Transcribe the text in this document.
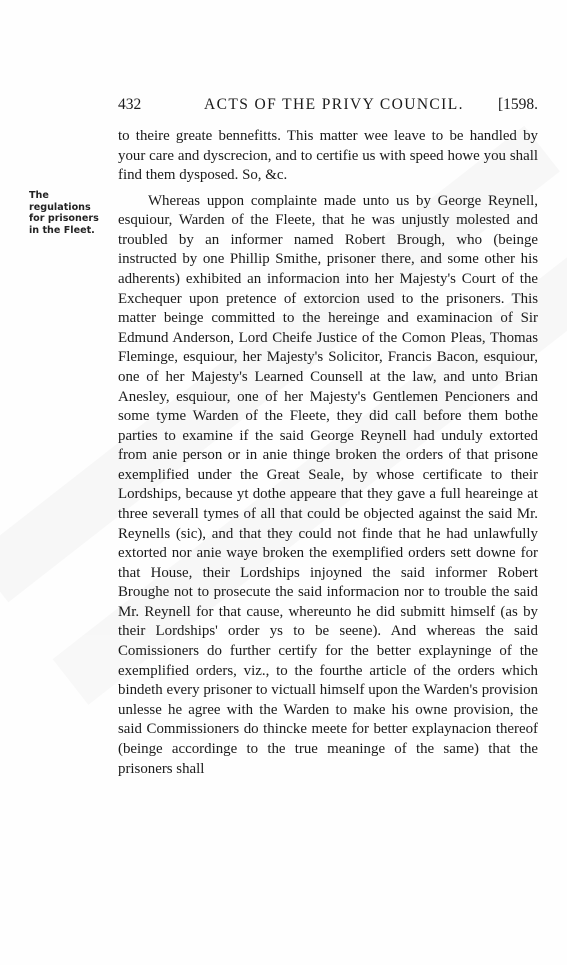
432	ACTS OF THE PRIVY COUNCIL. [1598.
The
regulations
for prisoners
in the Fleet.

to theire greate bennefitts. This matter wee leave to be handled by your care and dyscrecion, and to certifie us with speed howe you shall find them dysposed. So, &c.

Whereas uppon complainte made unto us by George Reynell, esquiour, Warden of the Fleete, that he was unjustly molested and troubled by an informer named Robert Brough, who (beinge instructed by one Phillip Smithe, prisoner there, and some other his adherents) exhibited an informacion into her Majesty's Court of the Exchequer upon pretence of extorcion used to the prisoners. This matter beinge committed to the hereinge and examinacion of Sir Edmund Anderson, Lord Cheife Justice of the Comon Pleas, Thomas Fleminge, esquiour, her Majesty's Solicitor, Francis Bacon, esquiour, one of her Majesty's Learned Counsell at the law, and unto Brian Anesley, esquiour, one of her Majesty's Gentlemen Pencioners and some tyme Warden of the Fleete, they did call before them bothe parties to examine if the said George Reynell had unduly extorted from anie person or in anie thinge broken the orders of that prisone exemplified under the Great Seale, by whose certificate to their Lordships, because yt dothe appeare that they gave a full heareinge at three severall tymes of all that could be objected against the said Mr. Reynells (sic), and that they could not finde that he had unlawfully extorted nor anie waye broken the exemplified orders sett downe for that House, their Lordships injoyned the said informer Robert Broughe not to prosecute the said informacion nor to trouble the said Mr. Reynell for that cause, whereunto he did submitt himself (as by their Lordships' order ys to be seene). And whereas the said Comissioners do further certify for the better explayninge of the exemplified orders, viz., to the fourthe article of the orders which bindeth every prisoner to victuall himself upon the Warden's provision unlesse he agree with the Warden to make his owne provision, the said Commissioners do thincke meete for better explaynacion thereof (beinge accordinge to the true meaninge of the same) that the prisoners shall
